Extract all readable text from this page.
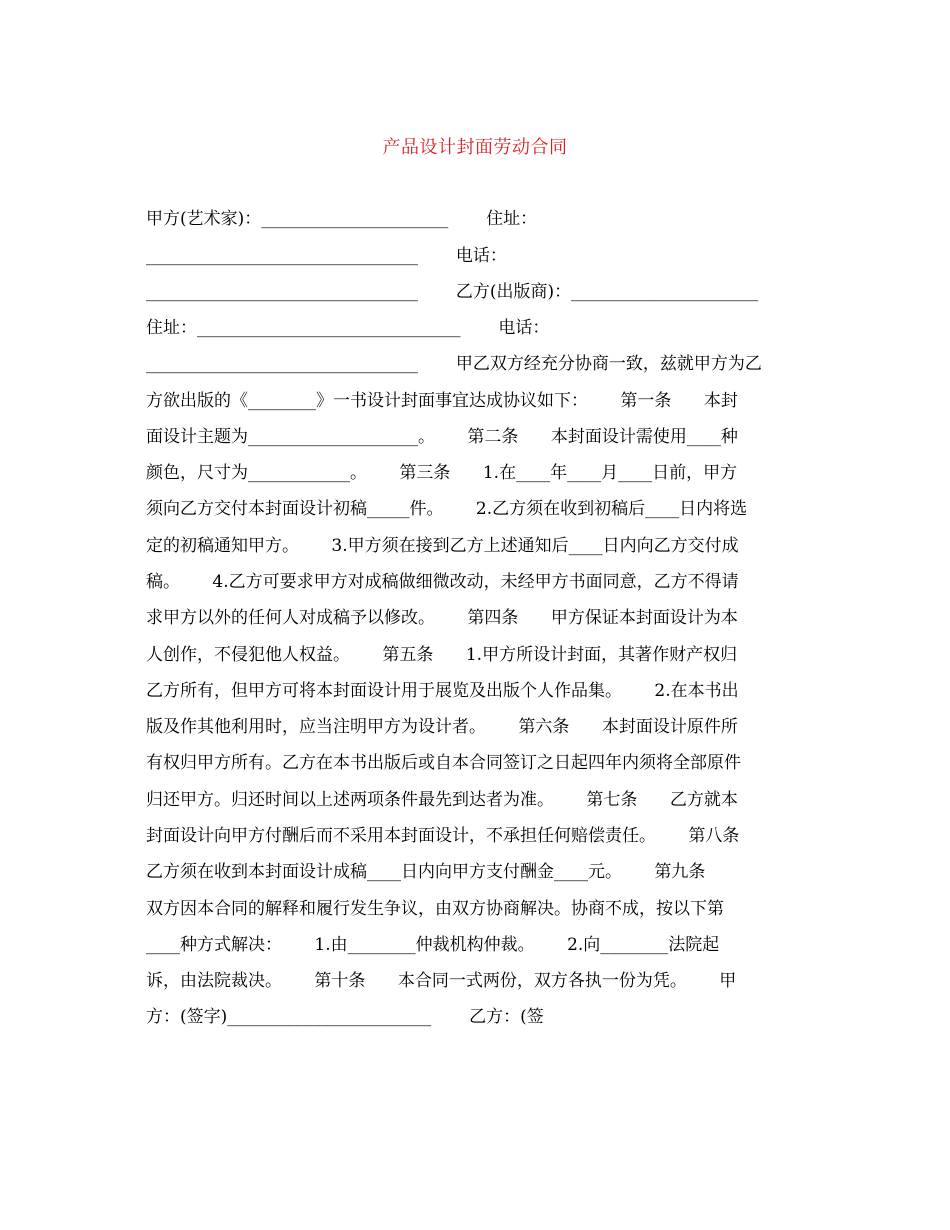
产品设计封面劳动合同
甲方(艺术家)：______________________       住址：
________________________________       电话：
________________________________       乙方(出版商)：______________________
住址：_______________________________       电话：
________________________________       甲乙双方经充分协商一致，兹就甲方为乙
方欲出版的《________》一书设计封面事宜达成协议如下：      第一条      本封
面设计主题为____________________。      第二条      本封面设计需使用____种
颜色，尺寸为____________。      第三条      1.在____年____月____日前，甲方
须向乙方交付本封面设计初稿_____件。      2.乙方须在收到初稿后____日内将选
定的初稿通知甲方。      3.甲方须在接到乙方上述通知后____日内向乙方交付成
稿。      4.乙方可要求甲方对成稿做细微改动，未经甲方书面同意，乙方不得请
求甲方以外的任何人对成稿予以修改。      第四条      甲方保证本封面设计为本
人创作，不侵犯他人权益。      第五条      1.甲方所设计封面，其著作财产权归
乙方所有，但甲方可将本封面设计用于展览及出版个人作品集。      2.在本书出
版及作其他利用时，应当注明甲方为设计者。      第六条      本封面设计原件所
有权归甲方所有。乙方在本书出版后或自本合同签订之日起四年内须将全部原件
归还甲方。归还时间以上述两项条件最先到达者为准。      第七条      乙方就本
封面设计向甲方付酬后而不采用本封面设计，不承担任何赔偿责任。      第八条
乙方须在收到本封面设计成稿____日内向甲方支付酬金____元。      第九条
双方因本合同的解释和履行发生争议，由双方协商解决。协商不成，按以下第
____种方式解决：      1.由________仲裁机构仲裁。      2.向________法院起
诉，由法院裁决。      第十条      本合同一式两份，双方各执一份为凭。      甲
方：(签字)________________________       乙方：(签
